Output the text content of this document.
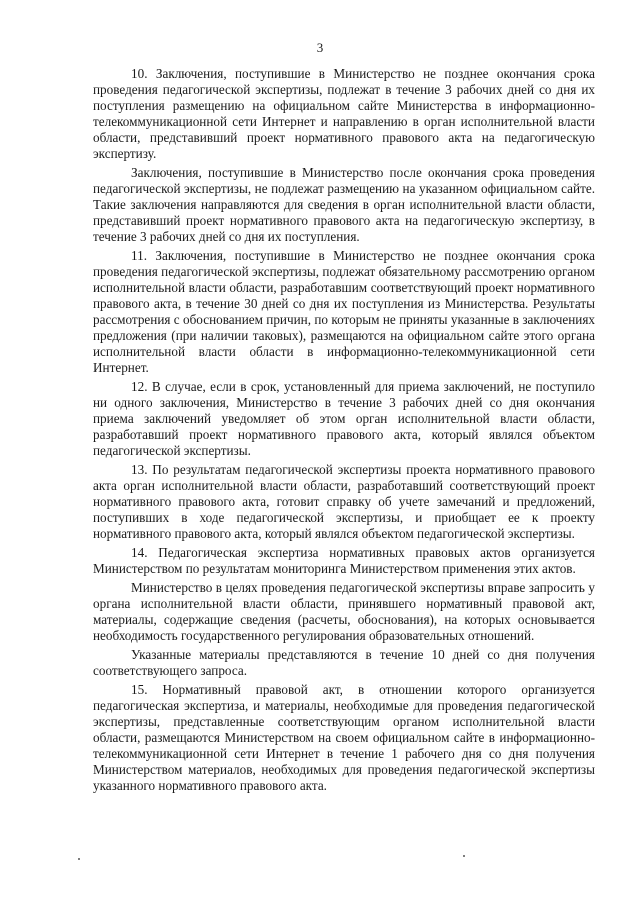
3

10. Заключения, поступившие в Министерство не позднее окончания срока проведения педагогической экспертизы, подлежат в течение 3 рабочих дней со дня их поступления размещению на официальном сайте Министерства в информационно-телекоммуникационной сети Интернет и направлению в орган исполнительной власти области, представивший проект нормативного правового акта на педагогическую экспертизу.

Заключения, поступившие в Министерство после окончания срока проведения педагогической экспертизы, не подлежат размещению на указанном официальном сайте. Такие заключения направляются для сведения в орган исполнительной власти области, представивший проект нормативного правового акта на педагогическую экспертизу, в течение 3 рабочих дней со дня их поступления.

11. Заключения, поступившие в Министерство не позднее окончания срока проведения педагогической экспертизы, подлежат обязательному рассмотрению органом исполнительной власти области, разработавшим соответствующий проект нормативного правового акта, в течение 30 дней со дня их поступления из Министерства. Результаты рассмотрения с обоснованием причин, по которым не приняты указанные в заключениях предложения (при наличии таковых), размещаются на официальном сайте этого органа исполнительной власти области в информационно-телекоммуникационной сети Интернет.

12. В случае, если в срок, установленный для приема заключений, не поступило ни одного заключения, Министерство в течение 3 рабочих дней со дня окончания приема заключений уведомляет об этом орган исполнительной власти области, разработавший проект нормативного правового акта, который являлся объектом педагогической экспертизы.

13. По результатам педагогической экспертизы проекта нормативного правового акта орган исполнительной власти области, разработавший соответствующий проект нормативного правового акта, готовит справку об учете замечаний и предложений, поступивших в ходе педагогической экспертизы, и приобщает ее к проекту нормативного правового акта, который являлся объектом педагогической экспертизы.

14. Педагогическая экспертиза нормативных правовых актов организуется Министерством по результатам мониторинга Министерством применения этих актов.

Министерство в целях проведения педагогической экспертизы вправе запросить у органа исполнительной власти области, принявшего нормативный правовой акт, материалы, содержащие сведения (расчеты, обоснования), на которых основывается необходимость государственного регулирования образовательных отношений.

Указанные материалы представляются в течение 10 дней со дня получения соответствующего запроса.

15. Нормативный правовой акт, в отношении которого организуется педагогическая экспертиза, и материалы, необходимые для проведения педагогической экспертизы, представленные соответствующим органом исполнительной власти области, размещаются Министерством на своем официальном сайте в информационно-телекоммуникационной сети Интернет в течение 1 рабочего дня со дня получения Министерством материалов, необходимых для проведения педагогической экспертизы указанного нормативного правового акта.
